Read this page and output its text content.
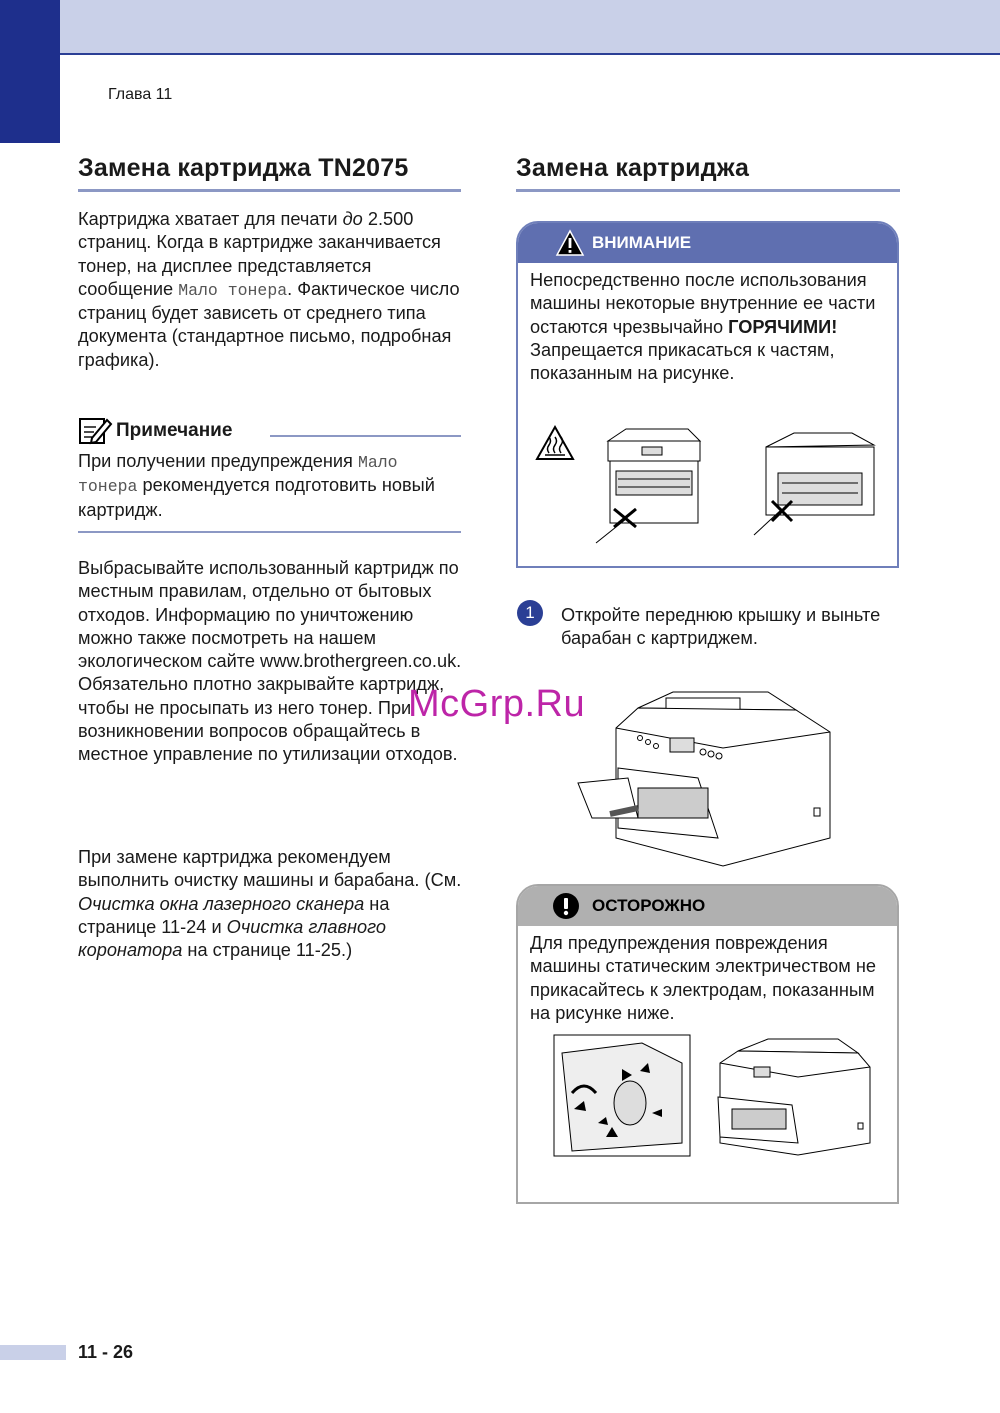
Глава 11
Замена картриджа TN2075
Картриджа хватает для печати до 2.500 страниц. Когда в картридже заканчивается тонер, на дисплее представляется сообщение Мало тонера. Фактическое число страниц будет зависеть от среднего типа документа (стандартное письмо, подробная графика).
Примечание
При получении предупреждения Мало тонера рекомендуется подготовить новый картридж.
Выбрасывайте использованный картридж по местным правилам, отдельно от бытовых отходов. Информацию по уничтожению можно также посмотреть на нашем экологическом сайте www.brothergreen.co.uk. Обязательно плотно закрывайте картридж, чтобы не просыпать из него тонер. При возникновении вопросов обращайтесь в местное управление по утилизации отходов.
При замене картриджа рекомендуем выполнить очистку машины и барабана. (См. Очистка окна лазерного сканера на странице 11-24 и Очистка главного коронатора на странице 11-25.)
Замена картриджа
ВНИМАНИЕ
Непосредственно после использования машины некоторые внутренние ее части остаются чрезвычайно ГОРЯЧИМИ! Запрещается прикасаться к частям, показанным на рисунке.
1	Откройте переднюю крышку и выньте барабан с картриджем.
ОСТОРОЖНО
Для предупреждения повреждения машины статическим электричеством не прикасайтесь к электродам, показанным на рисунке ниже.
11 - 26
McGrp.Ru
